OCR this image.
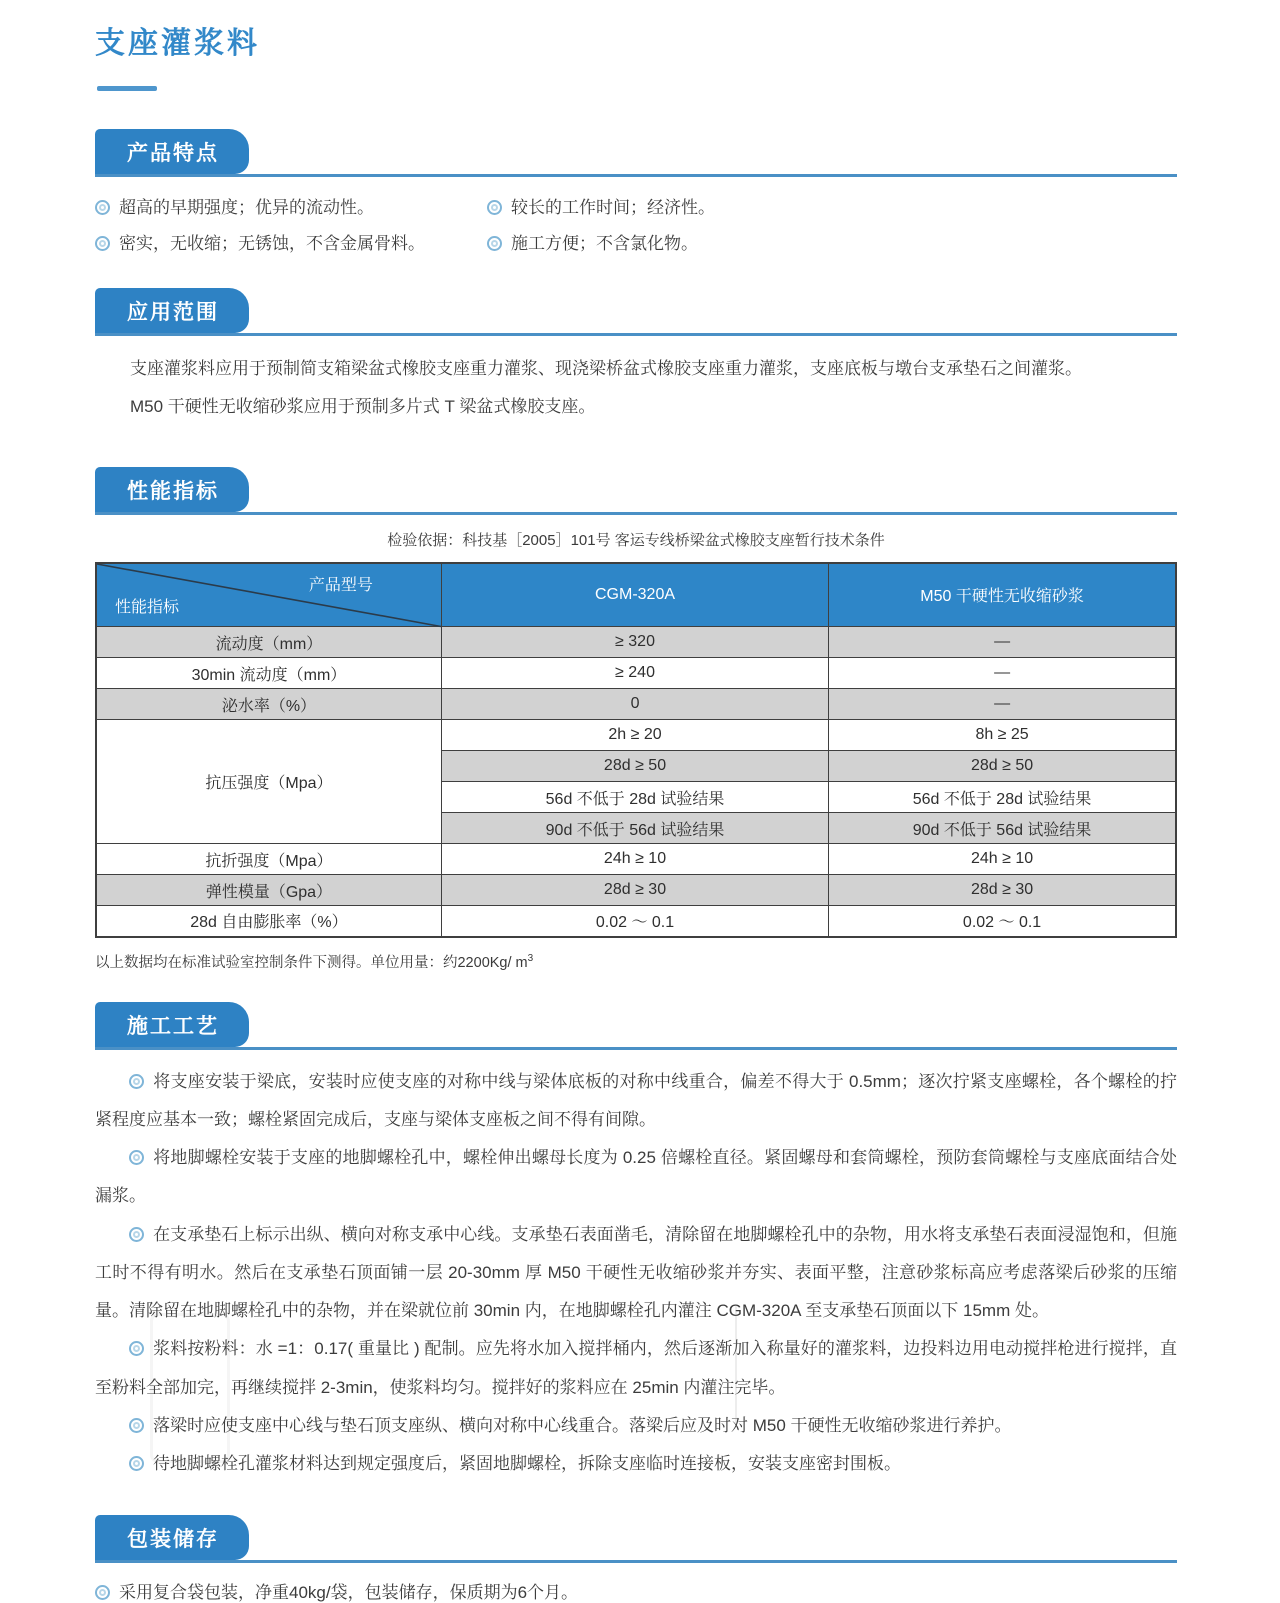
支座灌浆料
产品特点
超高的早期强度；优异的流动性。	较长的工作时间；经济性。
密实，无收缩；无锈蚀，不含金属骨料。	施工方便；不含氯化物。
应用范围
支座灌浆料应用于预制简支箱梁盆式橡胶支座重力灌浆、现浇梁桥盆式橡胶支座重力灌浆，支座底板与墩台支承垫石之间灌浆。
M50 干硬性无收缩砂浆应用于预制多片式 T 梁盆式橡胶支座。
性能指标
检验依据：科技基［2005］101号 客运专线桥梁盆式橡胶支座暂行技术条件
产品型号
性能指标	CGM-320A	M50 干硬性无收缩砂浆
流动度（mm）	≥ 320	—
30min 流动度（mm）	≥ 240	—
泌水率（%）	0	—
抗压强度（Mpa）	2h ≥ 20	8h ≥ 25
	28d ≥ 50	28d ≥ 50
	56d 不低于 28d 试验结果	56d 不低于 28d 试验结果
	90d 不低于 56d 试验结果	90d 不低于 56d 试验结果
抗折强度（Mpa）	24h ≥ 10	24h ≥ 10
弹性模量（Gpa）	28d ≥ 30	28d ≥ 30
28d 自由膨胀率（%）	0.02 ～ 0.1	0.02 ～ 0.1
以上数据均在标准试验室控制条件下测得。单位用量：约2200Kg/ $m^3$
施工工艺

将支座安装于梁底，安装时应使支座的对称中线与梁体底板的对称中线重合，偏差不得大于 0.5mm；逐次拧紧支座螺栓，各个螺栓的拧紧程度应基本一致；螺栓紧固完成后，支座与梁体支座板之间不得有间隙。

将地脚螺栓安装于支座的地脚螺栓孔中，螺栓伸出螺母长度为 0.25 倍螺栓直径。紧固螺母和套筒螺栓，预防套筒螺栓与支座底面结合处漏浆。

在支承垫石上标示出纵、横向对称支承中心线。支承垫石表面凿毛，清除留在地脚螺栓孔中的杂物，用水将支承垫石表面浸湿饱和，但施工时不得有明水。然后在支承垫石顶面铺一层 20-30mm 厚 M50 干硬性无收缩砂浆并夯实、表面平整，注意砂浆标高应考虑落梁后砂浆的压缩量。清除留在地脚螺栓孔中的杂物，并在梁就位前 30min 内，在地脚螺栓孔内灌注 CGM-320A 至支承垫石顶面以下 15mm 处。

浆料按粉料：水 =1：0.17( 重量比 ) 配制。应先将水加入搅拌桶内，然后逐渐加入称量好的灌浆料，边投料边用电动搅拌枪进行搅拌，直至粉料全部加完，再继续搅拌 2-3min，使浆料均匀。搅拌好的浆料应在 25min 内灌注完毕。

落梁时应使支座中心线与垫石顶支座纵、横向对称中心线重合。落梁后应及时对 M50 干硬性无收缩砂浆进行养护。

待地脚螺栓孔灌浆材料达到规定强度后，紧固地脚螺栓，拆除支座临时连接板，安装支座密封围板。

包装储存
采用复合袋包装，净重40kg/袋，包装储存，保质期为6个月。
